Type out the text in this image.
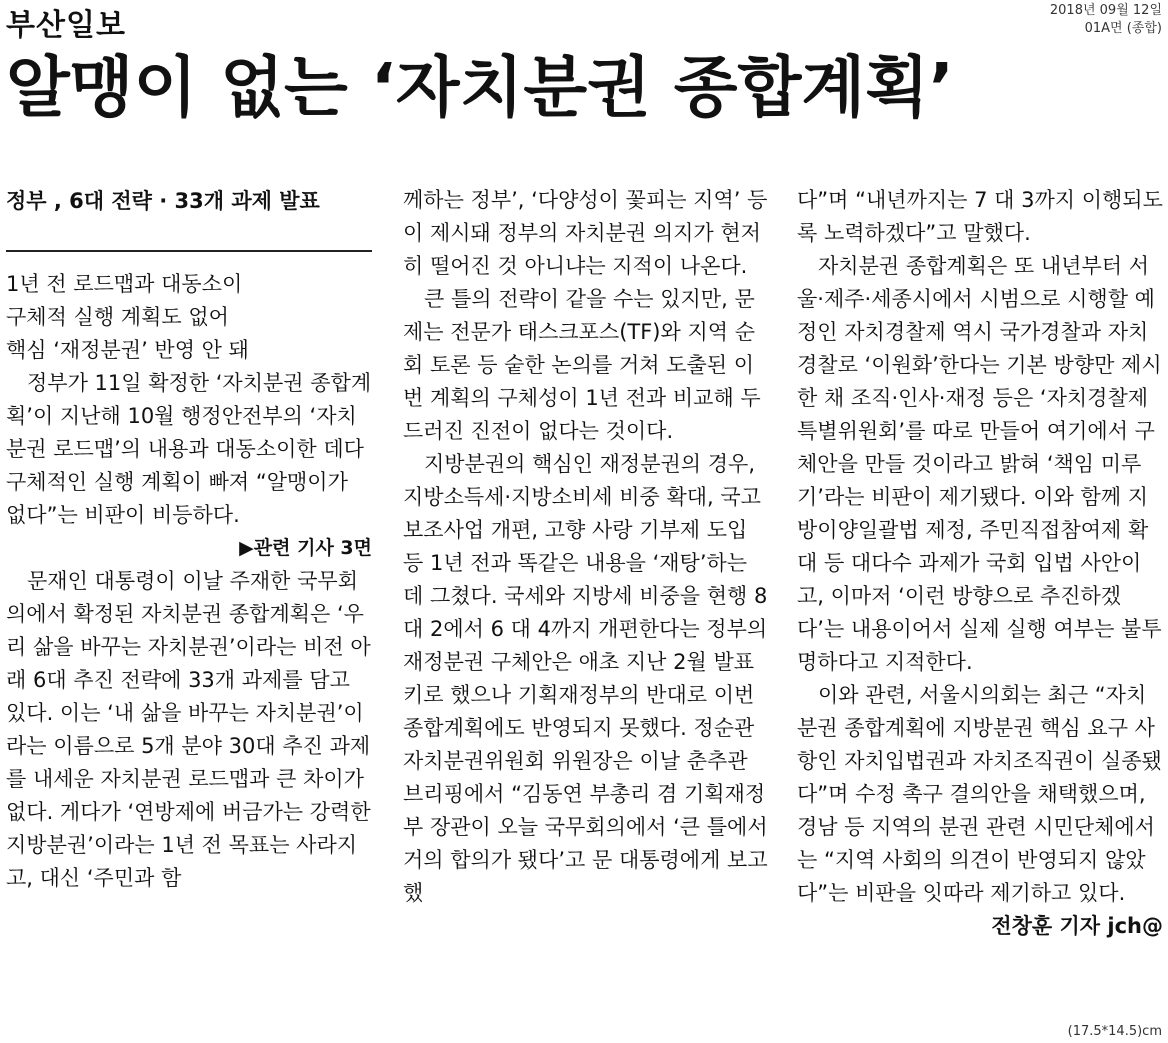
부산일보	2018년 09월 12일
01A면 (종합)
알맹이 없는 ‘자치분권 종합계획’

정부 , 6대 전략 · 33개 과제 발표

1년 전 로드맵과 대동소이
구체적 실행 계획도 없어
핵심 ‘재정분권’ 반영 안 돼

정부가 11일 확정한 ‘자치분권 종합계획’이 지난해 10월 행정안전부의 ‘자치분권 로드맵’의 내용과 대동소이한 데다 구체적인 실행 계획이 빠져 “알맹이가 없다”는 비판이 비등하다.

▶관련 기사 3면

문재인 대통령이 이날 주재한 국무회의에서 확정된 자치분권 종합계획은 ‘우리 삶을 바꾸는 자치분권’이라는 비전 아래 6대 추진 전략에 33개 과제를 담고 있다. 이는 ‘내 삶을 바꾸는 자치분권’이라는 이름으로 5개 분야 30대 추진 과제를 내세운 자치분권 로드맵과 큰 차이가 없다. 게다가 ‘연방제에 버금가는 강력한 지방분권’이라는 1년 전 목표는 사라지고, 대신 ‘주민과 함

께하는 정부’, ‘다양성이 꽃피는 지역’ 등이 제시돼 정부의 자치분권 의지가 현저히 떨어진 것 아니냐는 지적이 나온다.

큰 틀의 전략이 같을 수는 있지만, 문제는 전문가 태스크포스(TF)와 지역 순회 토론 등 숱한 논의를 거쳐 도출된 이번 계획의 구체성이 1년 전과 비교해 두드러진 진전이 없다는 것이다.

지방분권의 핵심인 재정분권의 경우, 지방소득세·지방소비세 비중 확대, 국고보조사업 개편, 고향 사랑 기부제 도입 등 1년 전과 똑같은 내용을 ‘재탕’하는 데 그쳤다. 국세와 지방세 비중을 현행 8 대 2에서 6 대 4까지 개편한다는 정부의 재정분권 구체안은 애초 지난 2월 발표키로 했으나 기획재정부의 반대로 이번 종합계획에도 반영되지 못했다. 정순관 자치분권위원회 위원장은 이날 춘추관 브리핑에서 “김동연 부총리 겸 기획재정부 장관이 오늘 국무회의에서 ‘큰 틀에서 거의 합의가 됐다’고 문 대통령에게 보고했

다”며 “내년까지는 7 대 3까지 이행되도록 노력하겠다”고 말했다.

자치분권 종합계획은 또 내년부터 서울·제주·세종시에서 시범으로 시행할 예정인 자치경찰제 역시 국가경찰과 자치경찰로 ‘이원화’한다는 기본 방향만 제시한 채 조직·인사·재정 등은 ‘자치경찰제 특별위원회’를 따로 만들어 여기에서 구체안을 만들 것이라고 밝혀 ‘책임 미루기’라는 비판이 제기됐다. 이와 함께 지방이양일괄법 제정, 주민직접참여제 확대 등 대다수 과제가 국회 입법 사안이고, 이마저 ‘이런 방향으로 추진하겠다’는 내용이어서 실제 실행 여부는 불투명하다고 지적한다.

이와 관련, 서울시의회는 최근 “자치분권 종합계획에 지방분권 핵심 요구 사항인 자치입법권과 자치조직권이 실종됐다”며 수정 촉구 결의안을 채택했으며, 경남 등 지역의 분권 관련 시민단체에서는 “지역 사회의 의견이 반영되지 않았다”는 비판을 잇따라 제기하고 있다.

전창훈 기자 jch@

(17.5*14.5)cm
